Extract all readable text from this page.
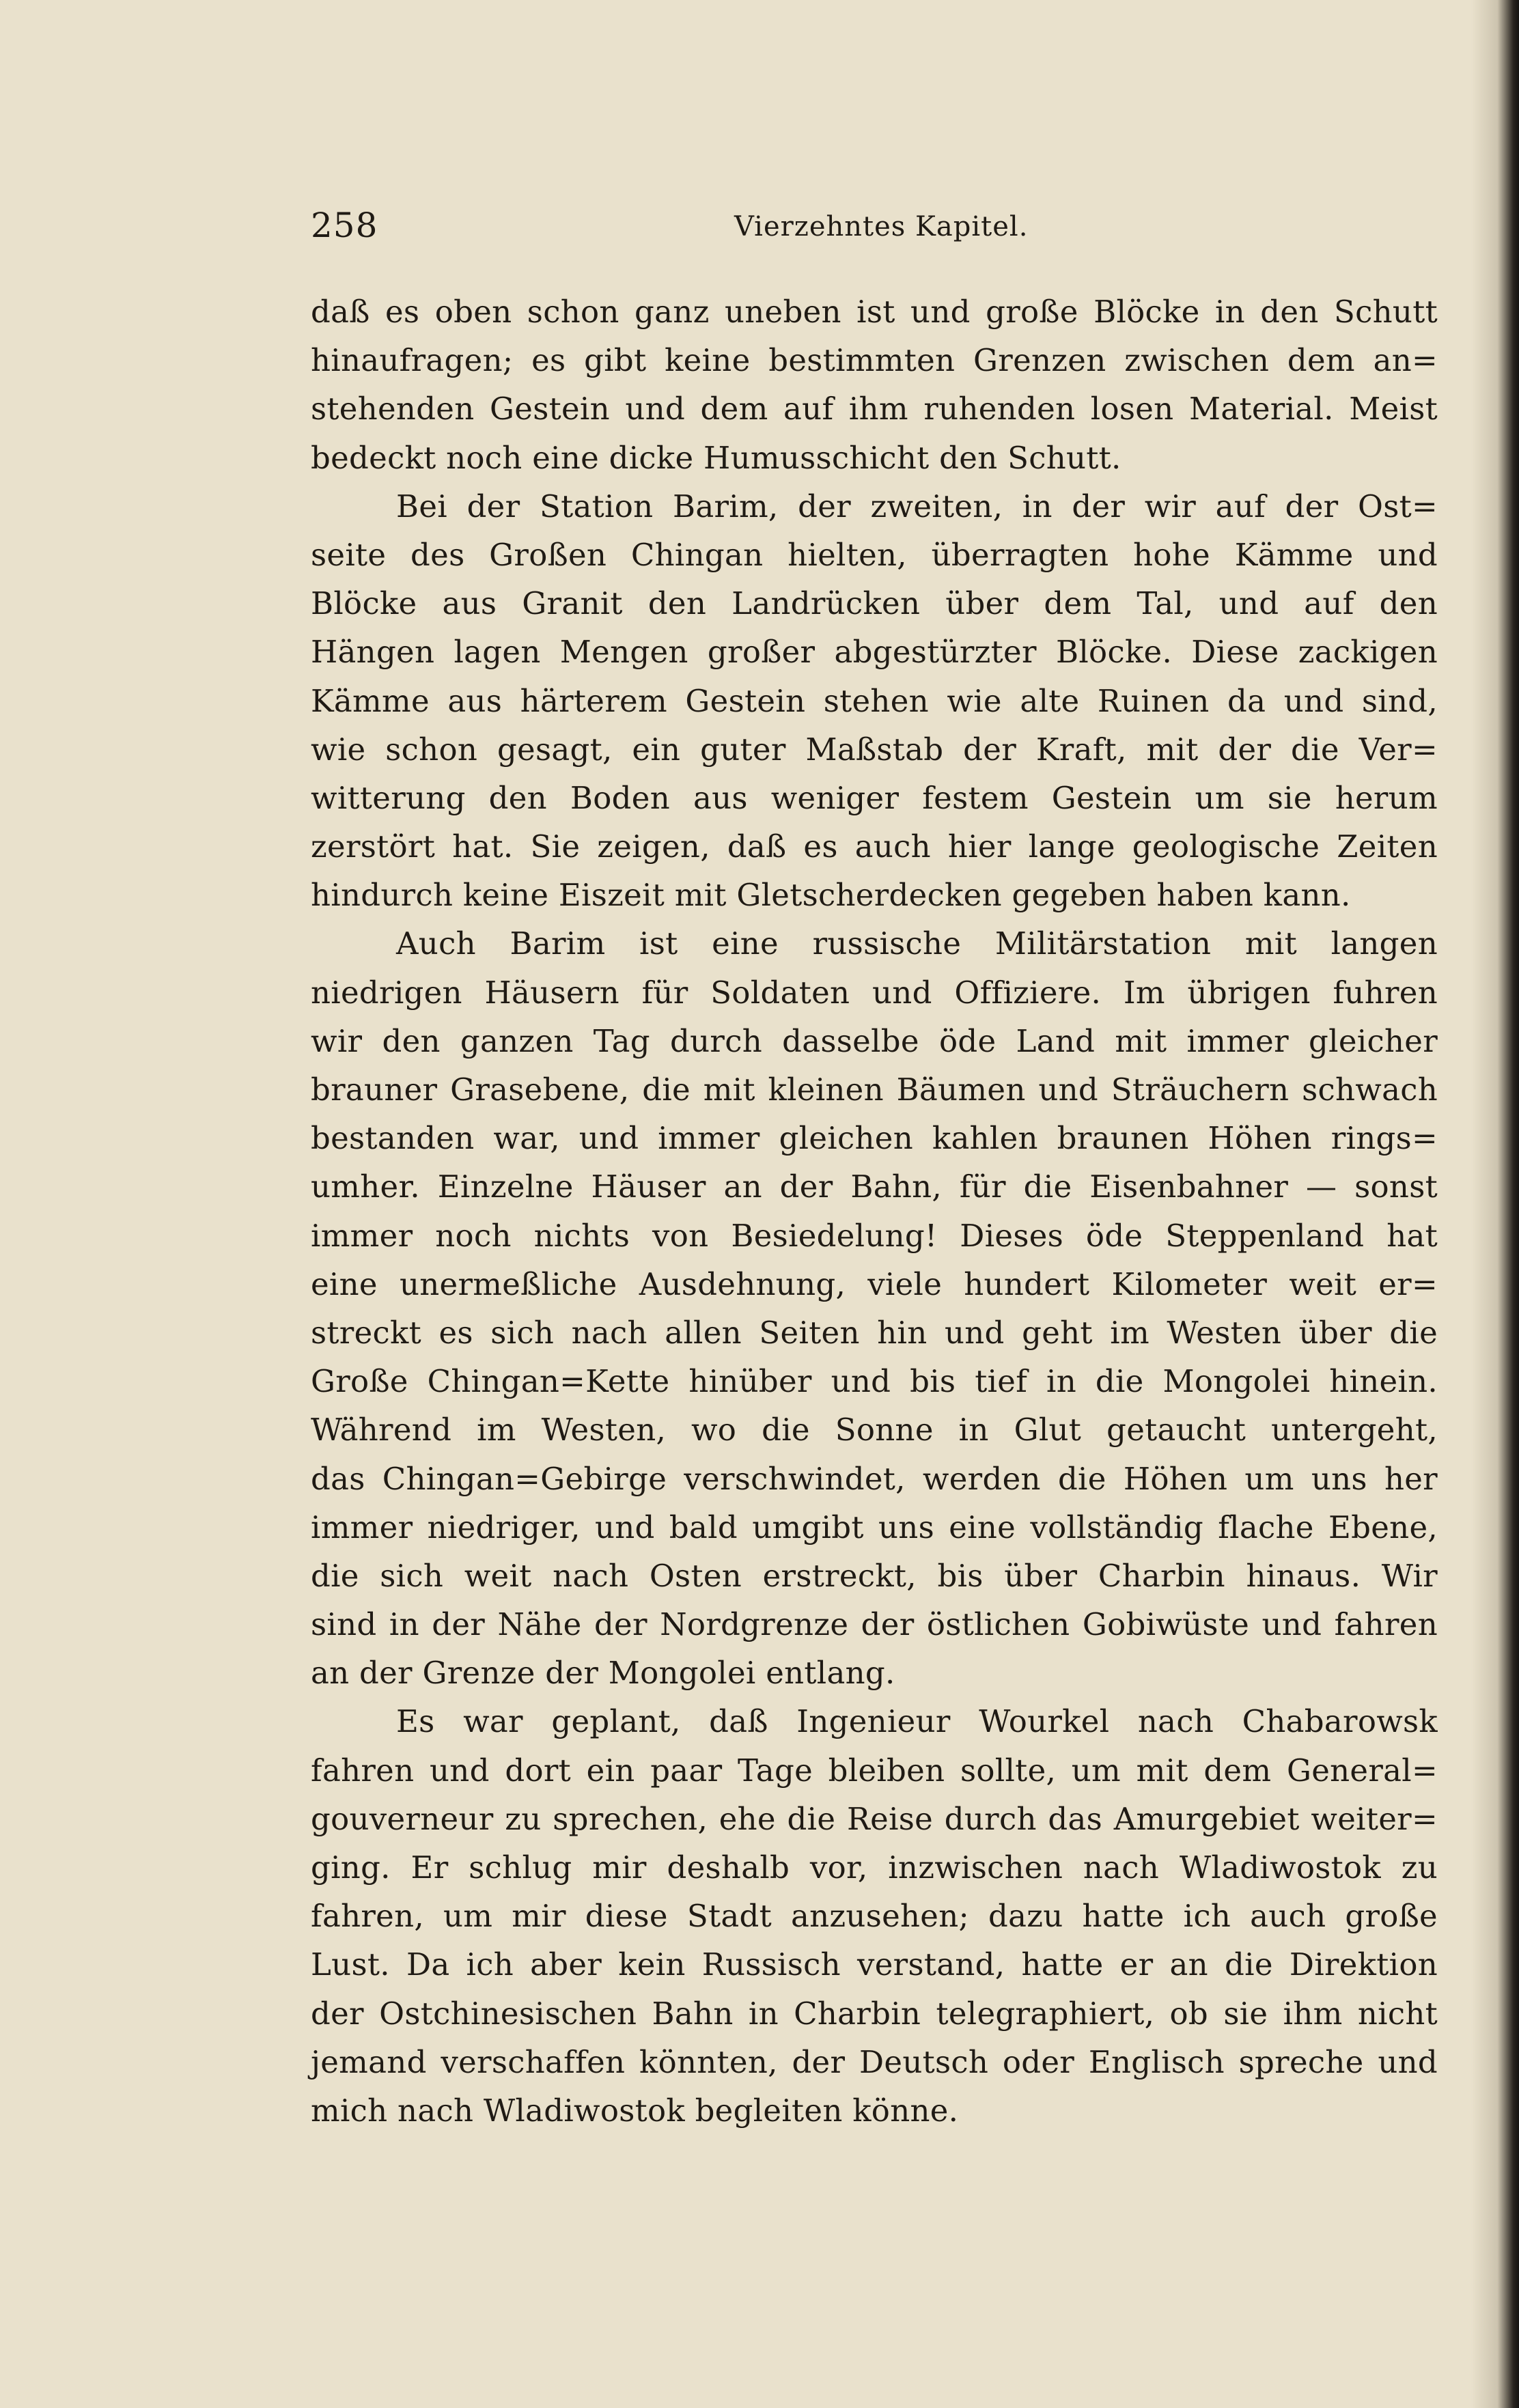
258	Vierzehntes Kapitel.
daß es oben schon ganz uneben ist und große Blöcke in den Schutt
hinaufragen; es gibt keine bestimmten Grenzen zwischen dem an=
stehenden Gestein und dem auf ihm ruhenden losen Material. Meist
bedeckt noch eine dicke Humusschicht den Schutt.
Bei der Station Barim, der zweiten, in der wir auf der Ost=
seite des Großen Chingan hielten, überragten hohe Kämme und
Blöcke aus Granit den Landrücken über dem Tal, und auf den
Hängen lagen Mengen großer abgestürzter Blöcke. Diese zackigen
Kämme aus härterem Gestein stehen wie alte Ruinen da und sind,
wie schon gesagt, ein guter Maßstab der Kraft, mit der die Ver=
witterung den Boden aus weniger festem Gestein um sie herum
zerstört hat. Sie zeigen, daß es auch hier lange geologische Zeiten
hindurch keine Eiszeit mit Gletscherdecken gegeben haben kann.
Auch Barim ist eine russische Militärstation mit langen
niedrigen Häusern für Soldaten und Offiziere. Im übrigen fuhren
wir den ganzen Tag durch dasselbe öde Land mit immer gleicher
brauner Grasebene, die mit kleinen Bäumen und Sträuchern schwach
bestanden war, und immer gleichen kahlen braunen Höhen rings=
umher. Einzelne Häuser an der Bahn, für die Eisenbahner — sonst
immer noch nichts von Besiedelung! Dieses öde Steppenland hat
eine unermeßliche Ausdehnung, viele hundert Kilometer weit er=
streckt es sich nach allen Seiten hin und geht im Westen über die
Große Chingan=Kette hinüber und bis tief in die Mongolei hinein.
Während im Westen, wo die Sonne in Glut getaucht untergeht,
das Chingan=Gebirge verschwindet, werden die Höhen um uns her
immer niedriger, und bald umgibt uns eine vollständig flache Ebene,
die sich weit nach Osten erstreckt, bis über Charbin hinaus. Wir
sind in der Nähe der Nordgrenze der östlichen Gobiwüste und fahren
an der Grenze der Mongolei entlang.
Es war geplant, daß Ingenieur Wourkel nach Chabarowsk
fahren und dort ein paar Tage bleiben sollte, um mit dem General=
gouverneur zu sprechen, ehe die Reise durch das Amurgebiet weiter=
ging. Er schlug mir deshalb vor, inzwischen nach Wladiwostok zu
fahren, um mir diese Stadt anzusehen; dazu hatte ich auch große
Lust. Da ich aber kein Russisch verstand, hatte er an die Direktion
der Ostchinesischen Bahn in Charbin telegraphiert, ob sie ihm nicht
jemand verschaffen könnten, der Deutsch oder Englisch spreche und
mich nach Wladiwostok begleiten könne.
